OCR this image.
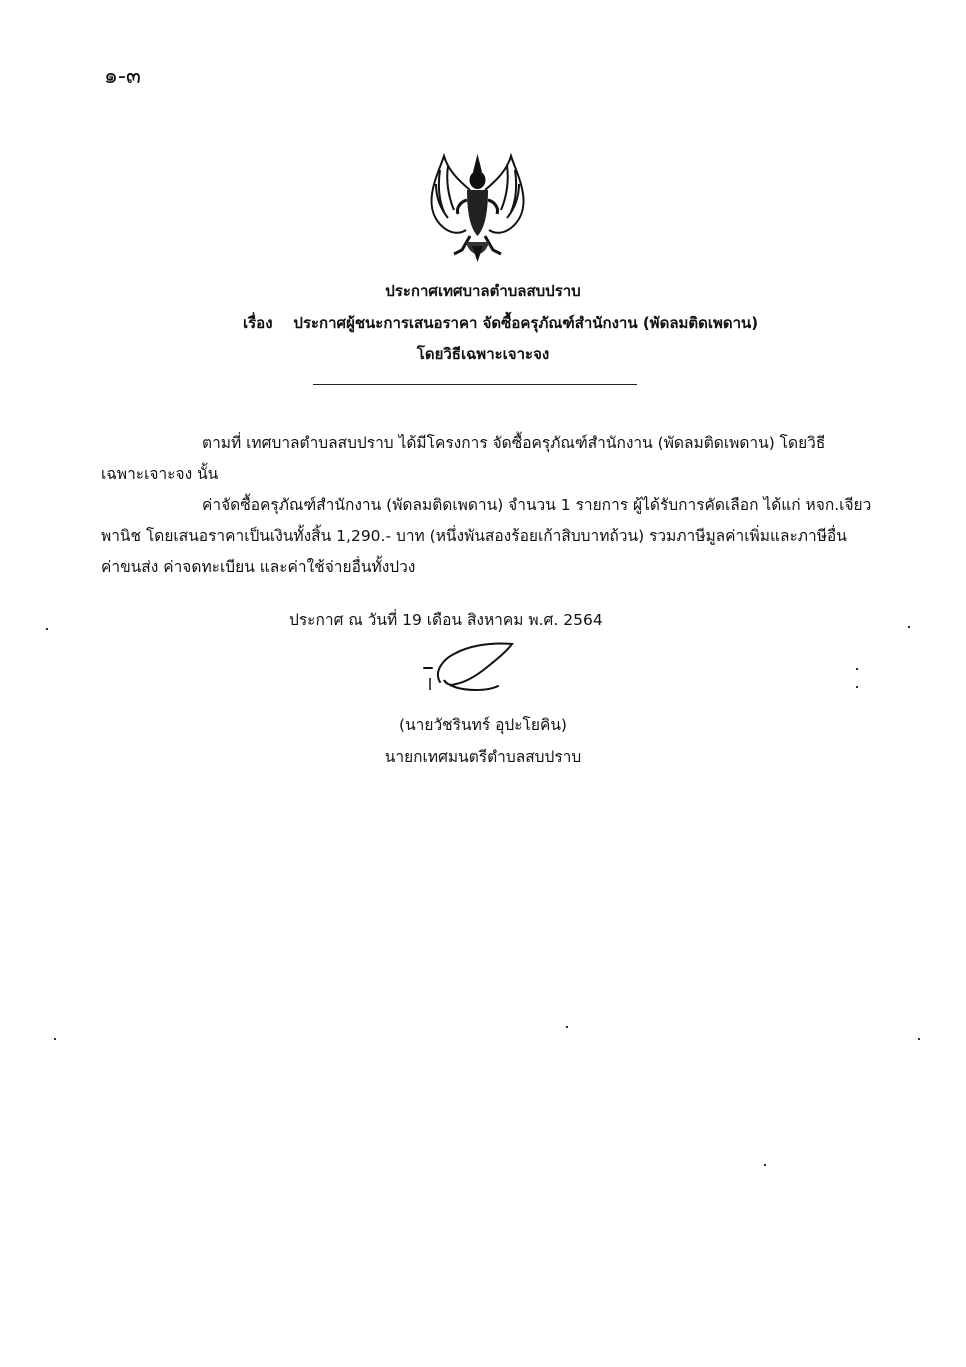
๑-๓
ประกาศเทศบาลตำบลสบปราบ
เรื่อง ประกาศผู้ชนะการเสนอราคา จัดซื้อครุภัณฑ์สำนักงาน (พัดลมติดเพดาน)
โดยวิธีเฉพาะเจาะจง
ตามที่ เทศบาลตำบลสบปราบ ได้มีโครงการ จัดซื้อครุภัณฑ์สำนักงาน (พัดลมติดเพดาน) โดยวิธี
เฉพาะเจาะจง นั้น
ค่าจัดซื้อครุภัณฑ์สำนักงาน (พัดลมติดเพดาน) จำนวน 1 รายการ ผู้ได้รับการคัดเลือก ได้แก่ หจก.เจียว
พานิช โดยเสนอราคาเป็นเงินทั้งสิ้น 1,290.- บาท (หนึ่งพันสองร้อยเก้าสิบบาทถ้วน) รวมภาษีมูลค่าเพิ่มและภาษีอื่น
ค่าขนส่ง ค่าจดทะเบียน และค่าใช้จ่ายอื่นทั้งปวง
ประกาศ ณ วันที่ 19 เดือน สิงหาคม พ.ศ. 2564
(นายวัชรินทร์ อุปะโยคิน)
นายกเทศมนตรีตำบลสบปราบ
